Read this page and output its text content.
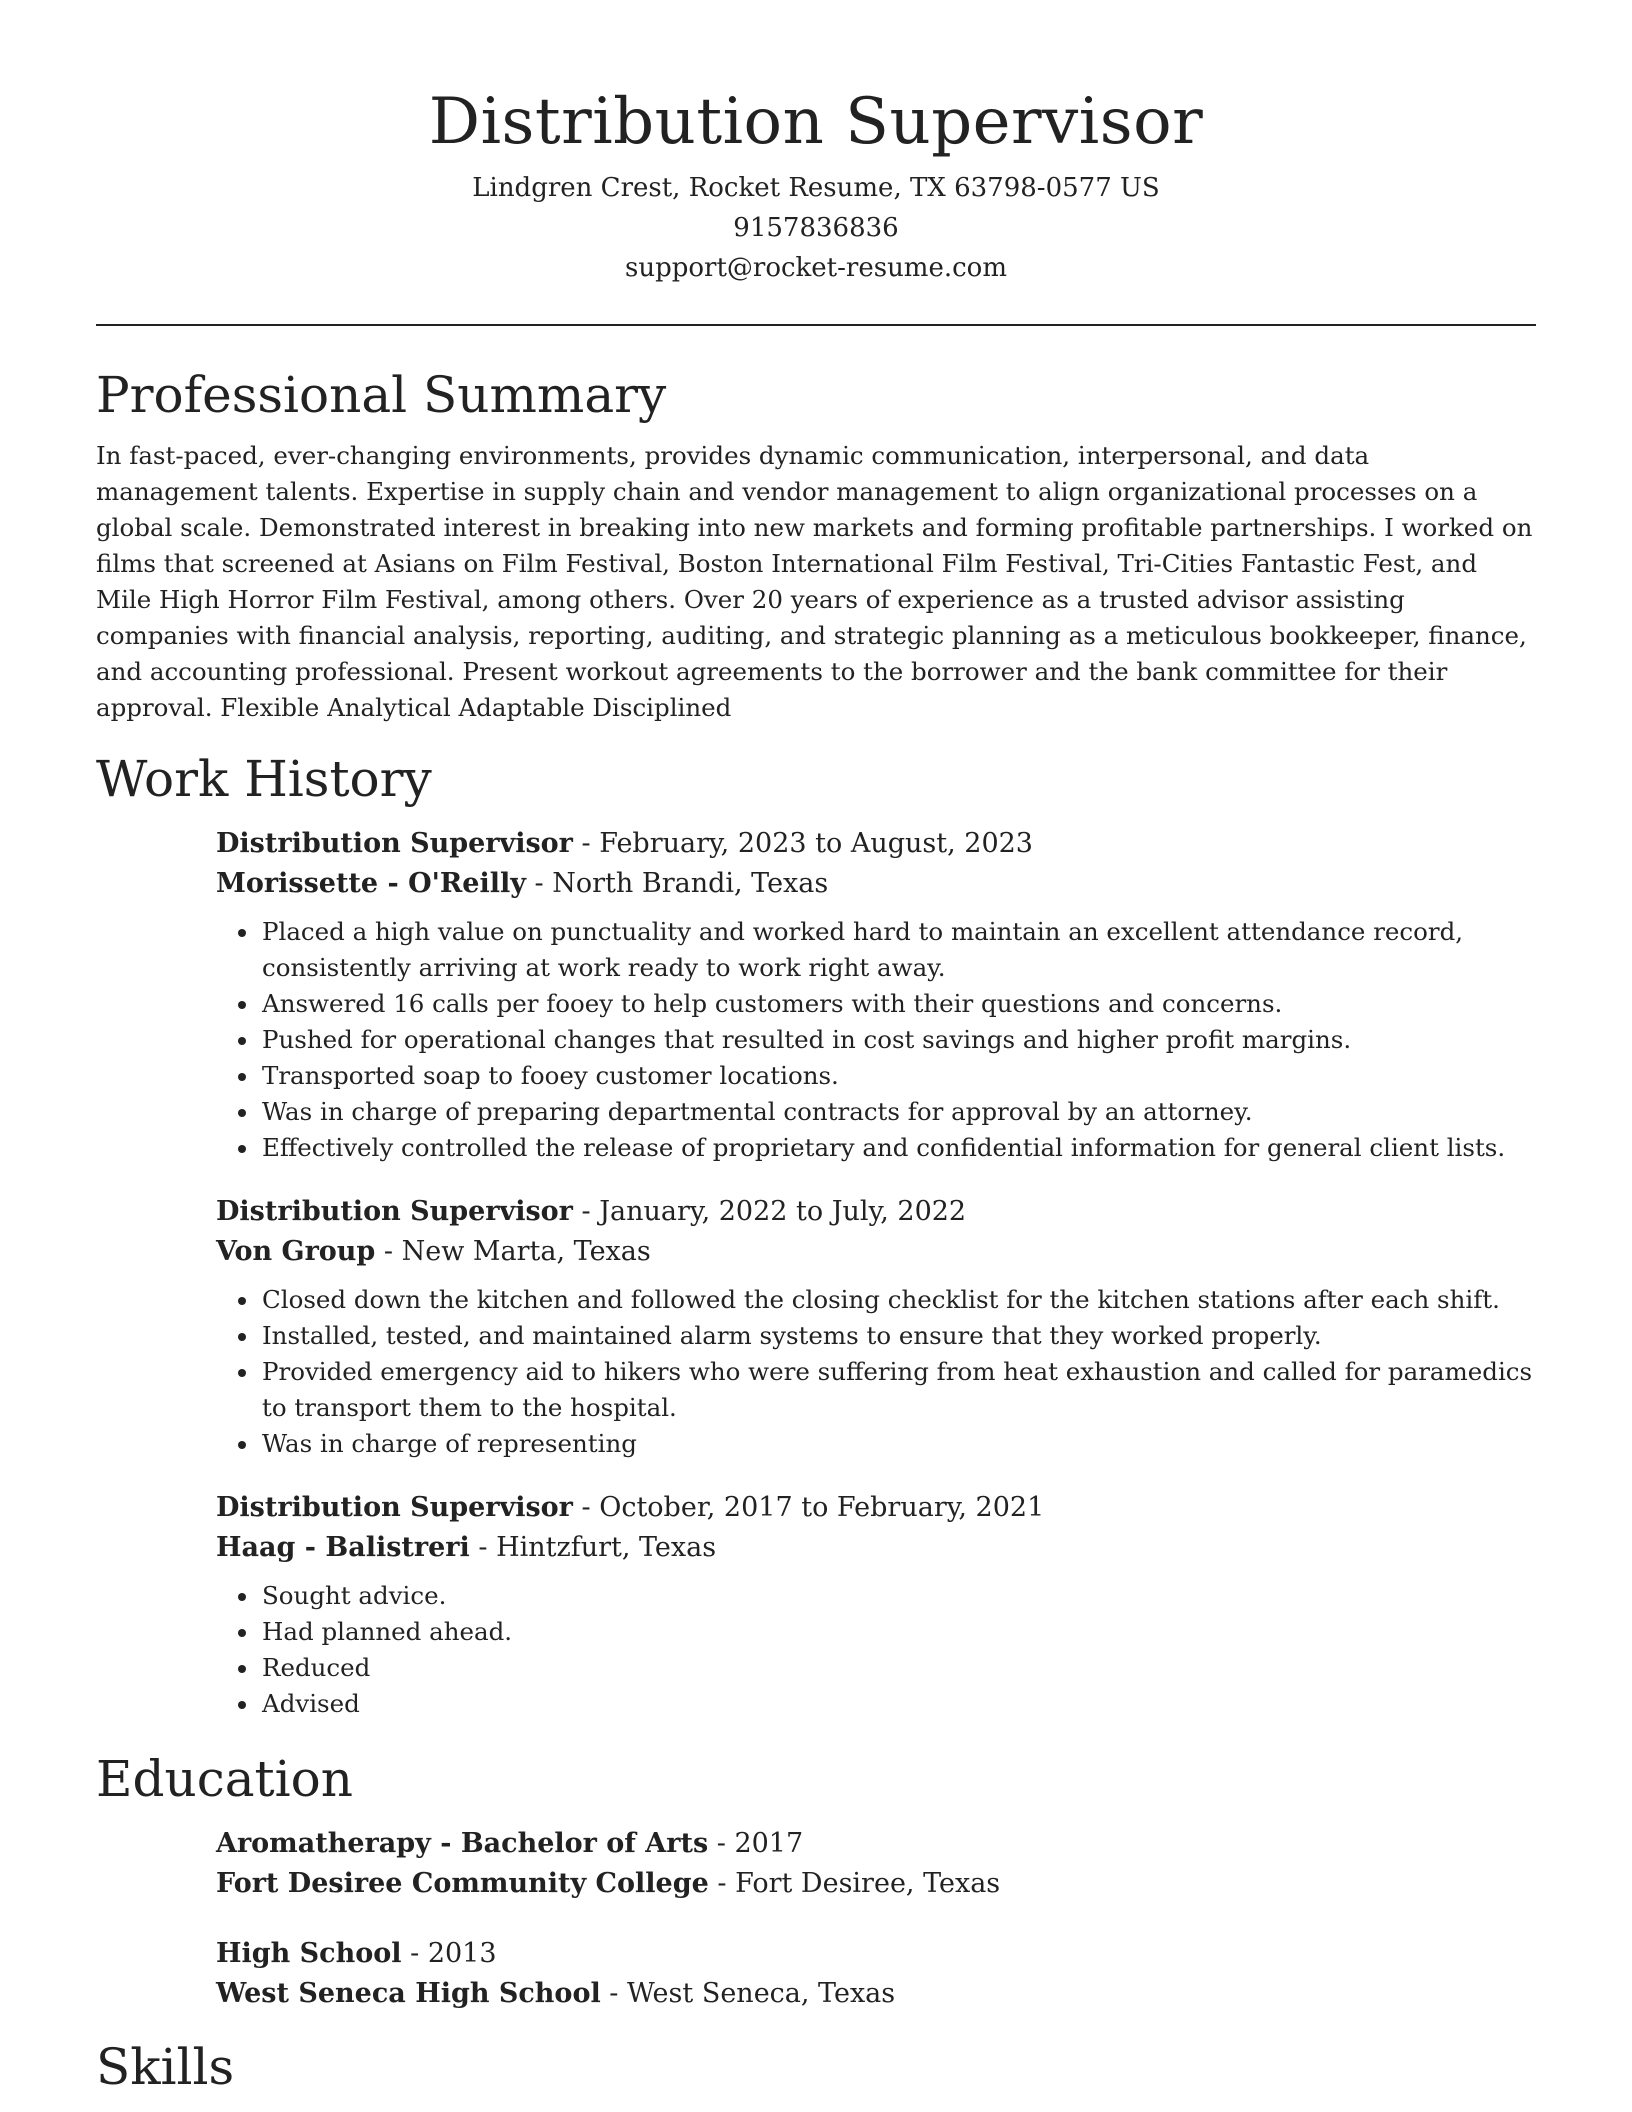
Distribution Supervisor

Lindgren Crest, Rocket Resume, TX 63798-0577 US

9157836836

support@rocket-resume.com

Professional Summary

In fast-paced, ever-changing environments, provides dynamic communication, interpersonal, and data management talents. Expertise in supply chain and vendor management to align organizational processes on a global scale. Demonstrated interest in breaking into new markets and forming profitable partnerships. I worked on films that screened at Asians on Film Festival, Boston International Film Festival, Tri-Cities Fantastic Fest, and Mile High Horror Film Festival, among others. Over 20 years of experience as a trusted advisor assisting companies with financial analysis, reporting, auditing, and strategic planning as a meticulous bookkeeper, finance, and accounting professional. Present workout agreements to the borrower and the bank committee for their approval. Flexible Analytical Adaptable Disciplined

Work History

Distribution Supervisor - February, 2023 to August, 2023

Morissette - O'Reilly - North Brandi, Texas

• Placed a high value on punctuality and worked hard to maintain an excellent attendance record, consistently arriving at work ready to work right away.
• Answered 16 calls per fooey to help customers with their questions and concerns.
• Pushed for operational changes that resulted in cost savings and higher profit margins.
• Transported soap to fooey customer locations.
• Was in charge of preparing departmental contracts for approval by an attorney.
• Effectively controlled the release of proprietary and confidential information for general client lists.

Distribution Supervisor - January, 2022 to July, 2022

Von Group - New Marta, Texas

• Closed down the kitchen and followed the closing checklist for the kitchen stations after each shift.
• Installed, tested, and maintained alarm systems to ensure that they worked properly.
• Provided emergency aid to hikers who were suffering from heat exhaustion and called for paramedics to transport them to the hospital.
• Was in charge of representing

Distribution Supervisor - October, 2017 to February, 2021

Haag - Balistreri - Hintzfurt, Texas

• Sought advice.
• Had planned ahead.
• Reduced
• Advised
Education

Aromatherapy - Bachelor of Arts - 2017

Fort Desiree Community College - Fort Desiree, Texas

High School - 2013

West Seneca High School - West Seneca, Texas

Skills
